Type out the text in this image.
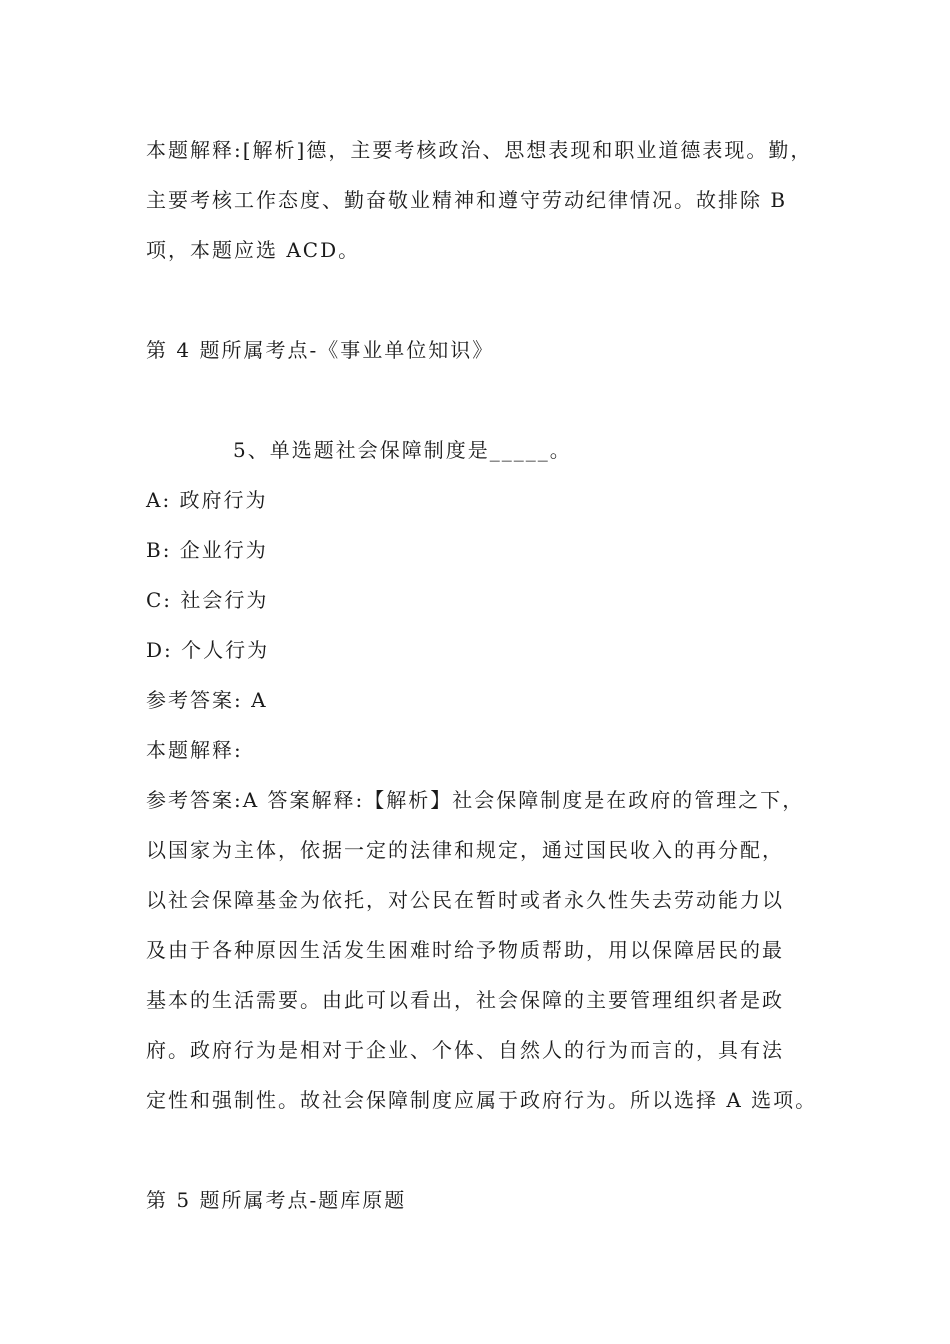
本题解释:[解析]德，主要考核政治、思想表现和职业道德表现。勤，
主要考核工作态度、勤奋敬业精神和遵守劳动纪律情况。故排除 B
项，本题应选 ACD。
第 4 题所属考点-《事业单位知识》
5、单选题社会保障制度是_____。
A: 政府行为
B: 企业行为
C: 社会行为
D: 个人行为
参考答案: A
本题解释:
参考答案:A 答案解释:【解析】社会保障制度是在政府的管理之下，
以国家为主体，依据一定的法律和规定，通过国民收入的再分配，
以社会保障基金为依托，对公民在暂时或者永久性失去劳动能力以
及由于各种原因生活发生困难时给予物质帮助，用以保障居民的最
基本的生活需要。由此可以看出，社会保障的主要管理组织者是政
府。政府行为是相对于企业、个体、自然人的行为而言的，具有法
定性和强制性。故社会保障制度应属于政府行为。所以选择 A 选项。
第 5 题所属考点-题库原题
